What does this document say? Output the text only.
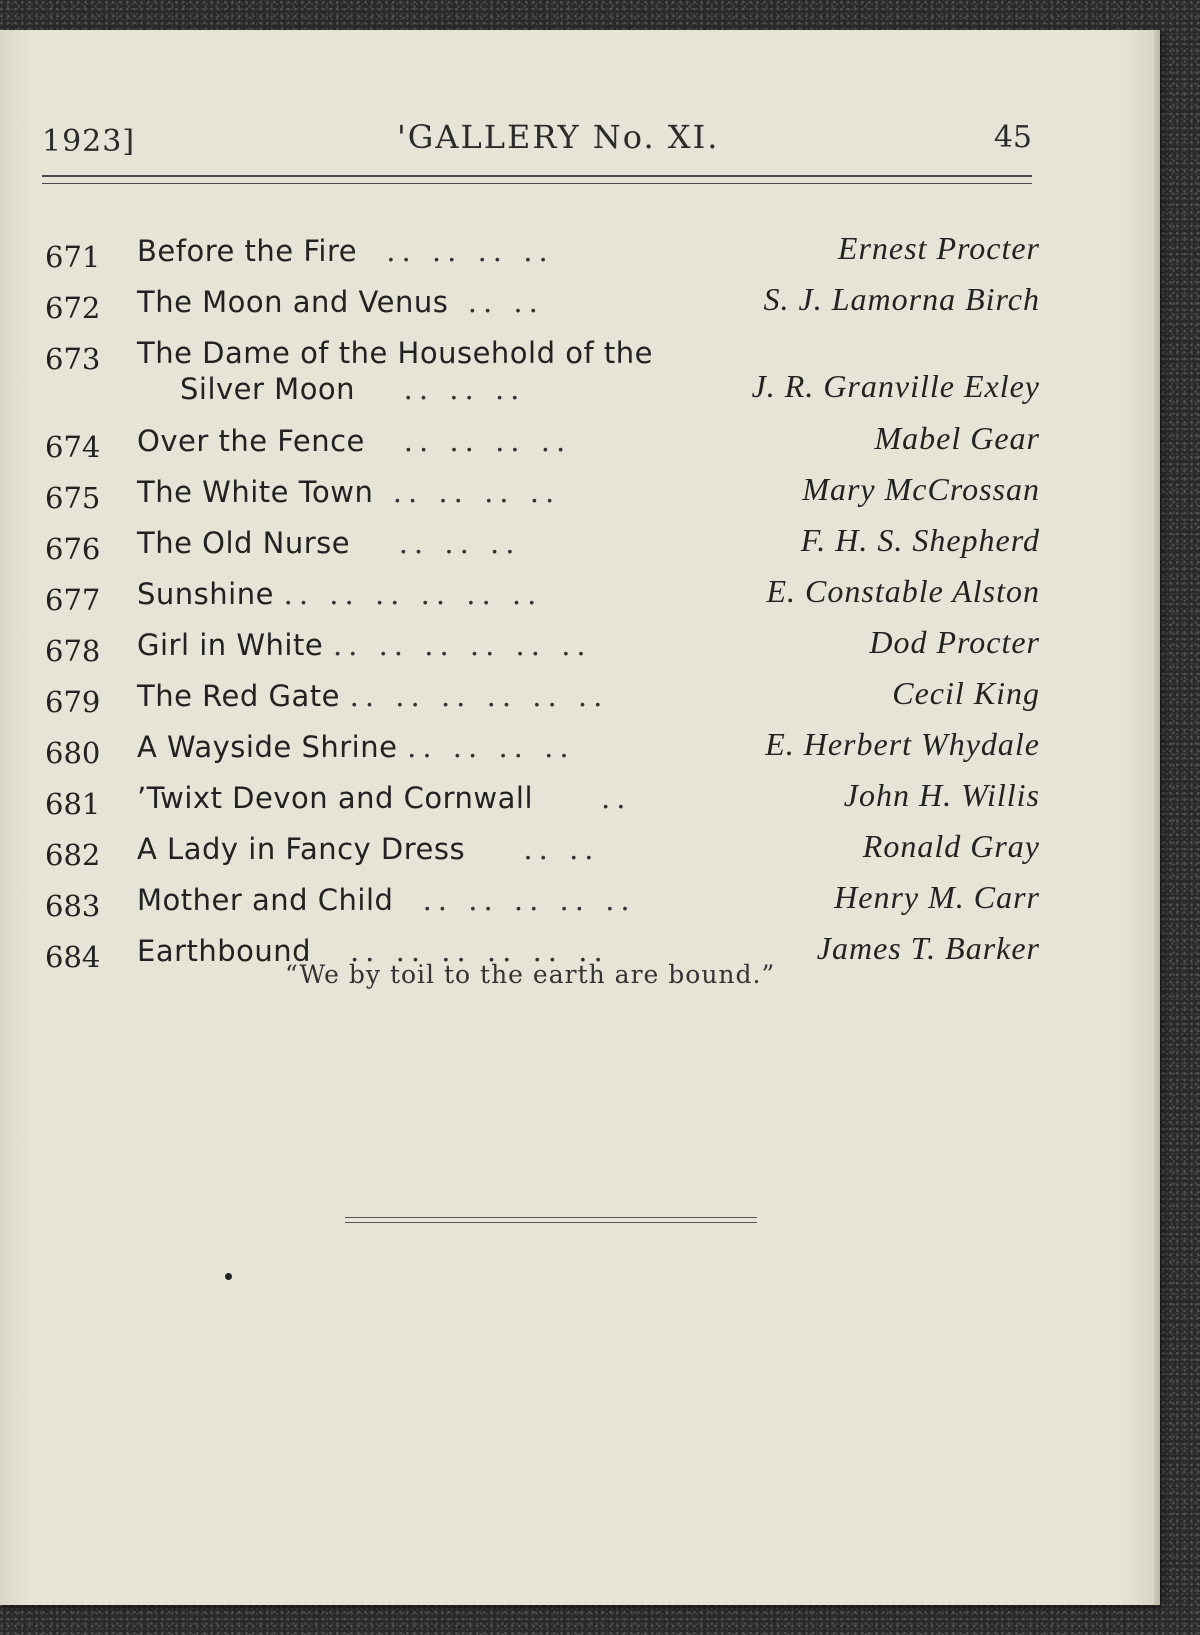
1923]	'GALLERY No. XI.	45
671 Before the Fire .. .. .. ..	Ernest Procter
672 The Moon and Venus .. ..	S. J. Lamorna Birch
673 The Dame of the Household of the
Silver Moon .. .. ..	J. R. Granville Exley
674 Over the Fence .. .. .. ..	Mabel Gear
675 The White Town .. .. .. ..	Mary McCrossan
676 The Old Nurse .. .. ..	F. H. S. Shepherd
677 Sunshine .. .. .. .. .. ..	E. Constable Alston
678 Girl in White .. .. .. .. .. ..	Dod Procter
679 The Red Gate .. .. .. .. .. ..	Cecil King
680 A Wayside Shrine .. .. .. ..	E. Herbert Whydale
681 ’Twixt Devon and Cornwall ..	John H. Willis
682 A Lady in Fancy Dress .. ..	Ronald Gray
683 Mother and Child .. .. .. .. ..	Henry M. Carr
684 Earthbound .. .. .. .. .. ..	James T. Barker
“We by toil to the earth are bound.”
